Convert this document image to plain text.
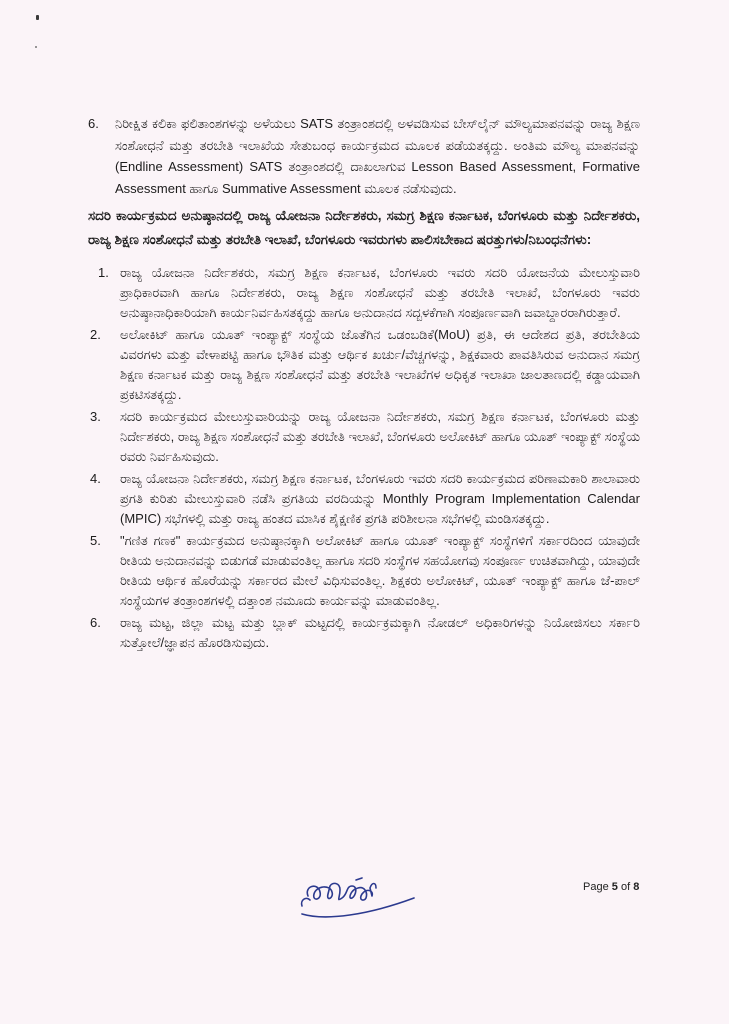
6.	ನಿರೀಕ್ಷಿತ ಕಲಿಕಾ ಫಲಿತಾಂಶಗಳನ್ನು ಅಳೆಯಲು SATS ತಂತ್ರಾಂಶದಲ್ಲಿ ಅಳವಡಿಸುವ ಬೇಸ್‌ಲೈನ್ ಮೌಲ್ಯಮಾಪನವನ್ನು ರಾಜ್ಯ ಶಿಕ್ಷಣ ಸಂಶೋಧನೆ ಮತ್ತು ತರಬೇತಿ ಇಲಾಖೆಯ ಸೇತುಬಂಧ ಕಾರ್ಯಕ್ರಮದ ಮೂಲಕ ಪಡೆಯತಕ್ಕದ್ದು. ಅಂತಿಮ ಮೌಲ್ಯ ಮಾಪನವನ್ನು (Endline Assessment) SATS ತಂತ್ರಾಂಶದಲ್ಲಿ ದಾಖಲಾಗುವ Lesson Based Assessment, Formative Assessment ಹಾಗೂ Summative Assessment ಮೂಲಕ ನಡೆಸುವುದು.
ಸದರಿ ಕಾರ್ಯಕ್ರಮದ ಅನುಷ್ಠಾನದಲ್ಲಿ ರಾಜ್ಯ ಯೋಜನಾ ನಿರ್ದೇಶಕರು, ಸಮಗ್ರ ಶಿಕ್ಷಣ ಕರ್ನಾಟಕ, ಬೆಂಗಳೂರು ಮತ್ತು ನಿರ್ದೇಶಕರು, ರಾಜ್ಯ ಶಿಕ್ಷಣ ಸಂಶೋಧನೆ ಮತ್ತು ತರಬೇತಿ ಇಲಾಖೆ, ಬೆಂಗಳೂರು ಇವರುಗಳು ಪಾಲಿಸಬೇಕಾದ ಷರತ್ತುಗಳು/ನಿಬಂಧನೆಗಳು:
1. ರಾಜ್ಯ ಯೋಜನಾ ನಿರ್ದೇಶಕರು, ಸಮಗ್ರ ಶಿಕ್ಷಣ ಕರ್ನಾಟಕ, ಬೆಂಗಳೂರು ಇವರು ಸದರಿ ಯೋಜನೆಯ ಮೇಲುಸ್ತುವಾರಿ ಪ್ರಾಧಿಕಾರವಾಗಿ ಹಾಗೂ ನಿರ್ದೇಶಕರು, ರಾಜ್ಯ ಶಿಕ್ಷಣ ಸಂಶೋಧನೆ ಮತ್ತು ತರಬೇತಿ ಇಲಾಖೆ, ಬೆಂಗಳೂರು ಇವರು ಅನುಷ್ಠಾನಾಧಿಕಾರಿಯಾಗಿ ಕಾರ್ಯನಿರ್ವಹಿಸತಕ್ಕದ್ದು ಹಾಗೂ ಅನುದಾನದ ಸದ್ಬಳಕೆಗಾಗಿ ಸಂಪೂರ್ಣವಾಗಿ ಜವಾಬ್ದಾರರಾಗಿರುತ್ತಾರೆ.
2.	ಅಲೋಕಿಟ್ ಹಾಗೂ ಯೂತ್ ಇಂಪ್ಯಾಕ್ಟ್ ಸಂಸ್ಥೆಯ ಜೊತೆಗಿನ ಒಡಂಬಡಿಕೆ(MoU) ಪ್ರತಿ, ಈ ಆದೇಶದ ಪ್ರತಿ, ತರಬೇತಿಯ ವಿವರಗಳು ಮತ್ತು ವೇಳಾಪಟ್ಟಿ ಹಾಗೂ ಭೌತಿಕ ಮತ್ತು ಆರ್ಥಿಕ ಖರ್ಚು/ವೆಚ್ಚಗಳನ್ನು, ಶಿಕ್ಷಕವಾರು ಪಾವತಿಸಿರುವ ಅನುದಾನ ಸಮಗ್ರ ಶಿಕ್ಷಣ ಕರ್ನಾಟಕ ಮತ್ತು ರಾಜ್ಯ ಶಿಕ್ಷಣ ಸಂಶೋಧನೆ ಮತ್ತು ತರಬೇತಿ ಇಲಾಖೆಗಳ ಅಧಿಕೃತ ಇಲಾಖಾ ಜಾಲತಾಣದಲ್ಲಿ ಕಡ್ಡಾಯವಾಗಿ ಪ್ರಕಟಿಸತಕ್ಕದ್ದು.
3.	ಸದರಿ ಕಾರ್ಯಕ್ರಮದ ಮೇಲುಸ್ತುವಾರಿಯನ್ನು ರಾಜ್ಯ ಯೋಜನಾ ನಿರ್ದೇಶಕರು, ಸಮಗ್ರ ಶಿಕ್ಷಣ ಕರ್ನಾಟಕ, ಬೆಂಗಳೂರು ಮತ್ತು ನಿರ್ದೇಶಕರು, ರಾಜ್ಯ ಶಿಕ್ಷಣ ಸಂಶೋಧನೆ ಮತ್ತು ತರಬೇತಿ ಇಲಾಖೆ, ಬೆಂಗಳೂರು ಅಲೋಕಿಟ್ ಹಾಗೂ ಯೂತ್ ಇಂಪ್ಯಾಕ್ಟ್ ಸಂಸ್ಥೆಯ ರವರು ನಿರ್ವಹಿಸುವುದು.
4.	ರಾಜ್ಯ ಯೋಜನಾ ನಿರ್ದೇಶಕರು, ಸಮಗ್ರ ಶಿಕ್ಷಣ ಕರ್ನಾಟಕ, ಬೆಂಗಳೂರು ಇವರು ಸದರಿ ಕಾರ್ಯಕ್ರಮದ ಪರಿಣಾಮಕಾರಿ ಶಾಲಾವಾರು ಪ್ರಗತಿ ಕುರಿತು ಮೇಲುಸ್ತುವಾರಿ ನಡೆಸಿ ಪ್ರಗತಿಯ ವರದಿಯನ್ನು Monthly Program Implementation Calendar (MPIC) ಸಭೆಗಳಲ್ಲಿ ಮತ್ತು ರಾಜ್ಯ ಹಂತದ ಮಾಸಿಕ ಶೈಕ್ಷಣಿಕ ಪ್ರಗತಿ ಪರಿಶೀಲನಾ ಸಭೆಗಳಲ್ಲಿ ಮಂಡಿಸತಕ್ಕದ್ದು.
5.	"ಗಣಿತ ಗಣಕ" ಕಾರ್ಯಕ್ರಮದ ಅನುಷ್ಠಾನಕ್ಕಾಗಿ ಅಲೋಕಿಟ್ ಹಾಗೂ ಯೂತ್ ಇಂಪ್ಯಾಕ್ಟ್ ಸಂಸ್ಥೆಗಳಿಗೆ ಸರ್ಕಾರದಿಂದ ಯಾವುದೇ ರೀತಿಯ ಅನುದಾನವನ್ನು ಬಿಡುಗಡೆ ಮಾಡುವಂತಿಲ್ಲ ಹಾಗೂ ಸದರಿ ಸಂಸ್ಥೆಗಳ ಸಹಯೋಗವು ಸಂಪೂರ್ಣ ಉಚಿತವಾಗಿದ್ದು, ಯಾವುದೇ ರೀತಿಯ ಆರ್ಥಿಕ ಹೊರೆಯನ್ನು ಸರ್ಕಾರದ ಮೇಲೆ ವಿಧಿಸುವಂತಿಲ್ಲ. ಶಿಕ್ಷಕರು ಅಲೋಕಿಟ್, ಯೂತ್ ಇಂಪ್ಯಾಕ್ಟ್ ಹಾಗೂ ಜೆ-ಪಾಲ್ ಸಂಸ್ಥೆಯಗಳ ತಂತ್ರಾಂಶಗಳಲ್ಲಿ ದತ್ತಾಂಶ ನಮೂದು ಕಾರ್ಯವನ್ನು ಮಾಡುವಂತಿಲ್ಲ.
6.	ರಾಜ್ಯ ಮಟ್ಟ, ಜಿಲ್ಲಾ ಮಟ್ಟ ಮತ್ತು ಬ್ಲಾಕ್ ಮಟ್ಟದಲ್ಲಿ ಕಾರ್ಯಕ್ರಮಕ್ಕಾಗಿ ನೋಡಲ್ ಅಧಿಕಾರಿಗಳನ್ನು ನಿಯೋಜಿಸಲು ಸರ್ಕಾರಿ ಸುತ್ತೋಲೆ/ಜ್ಞಾಪನ ಹೊರಡಿಸುವುದು.
Page 5 of 8
